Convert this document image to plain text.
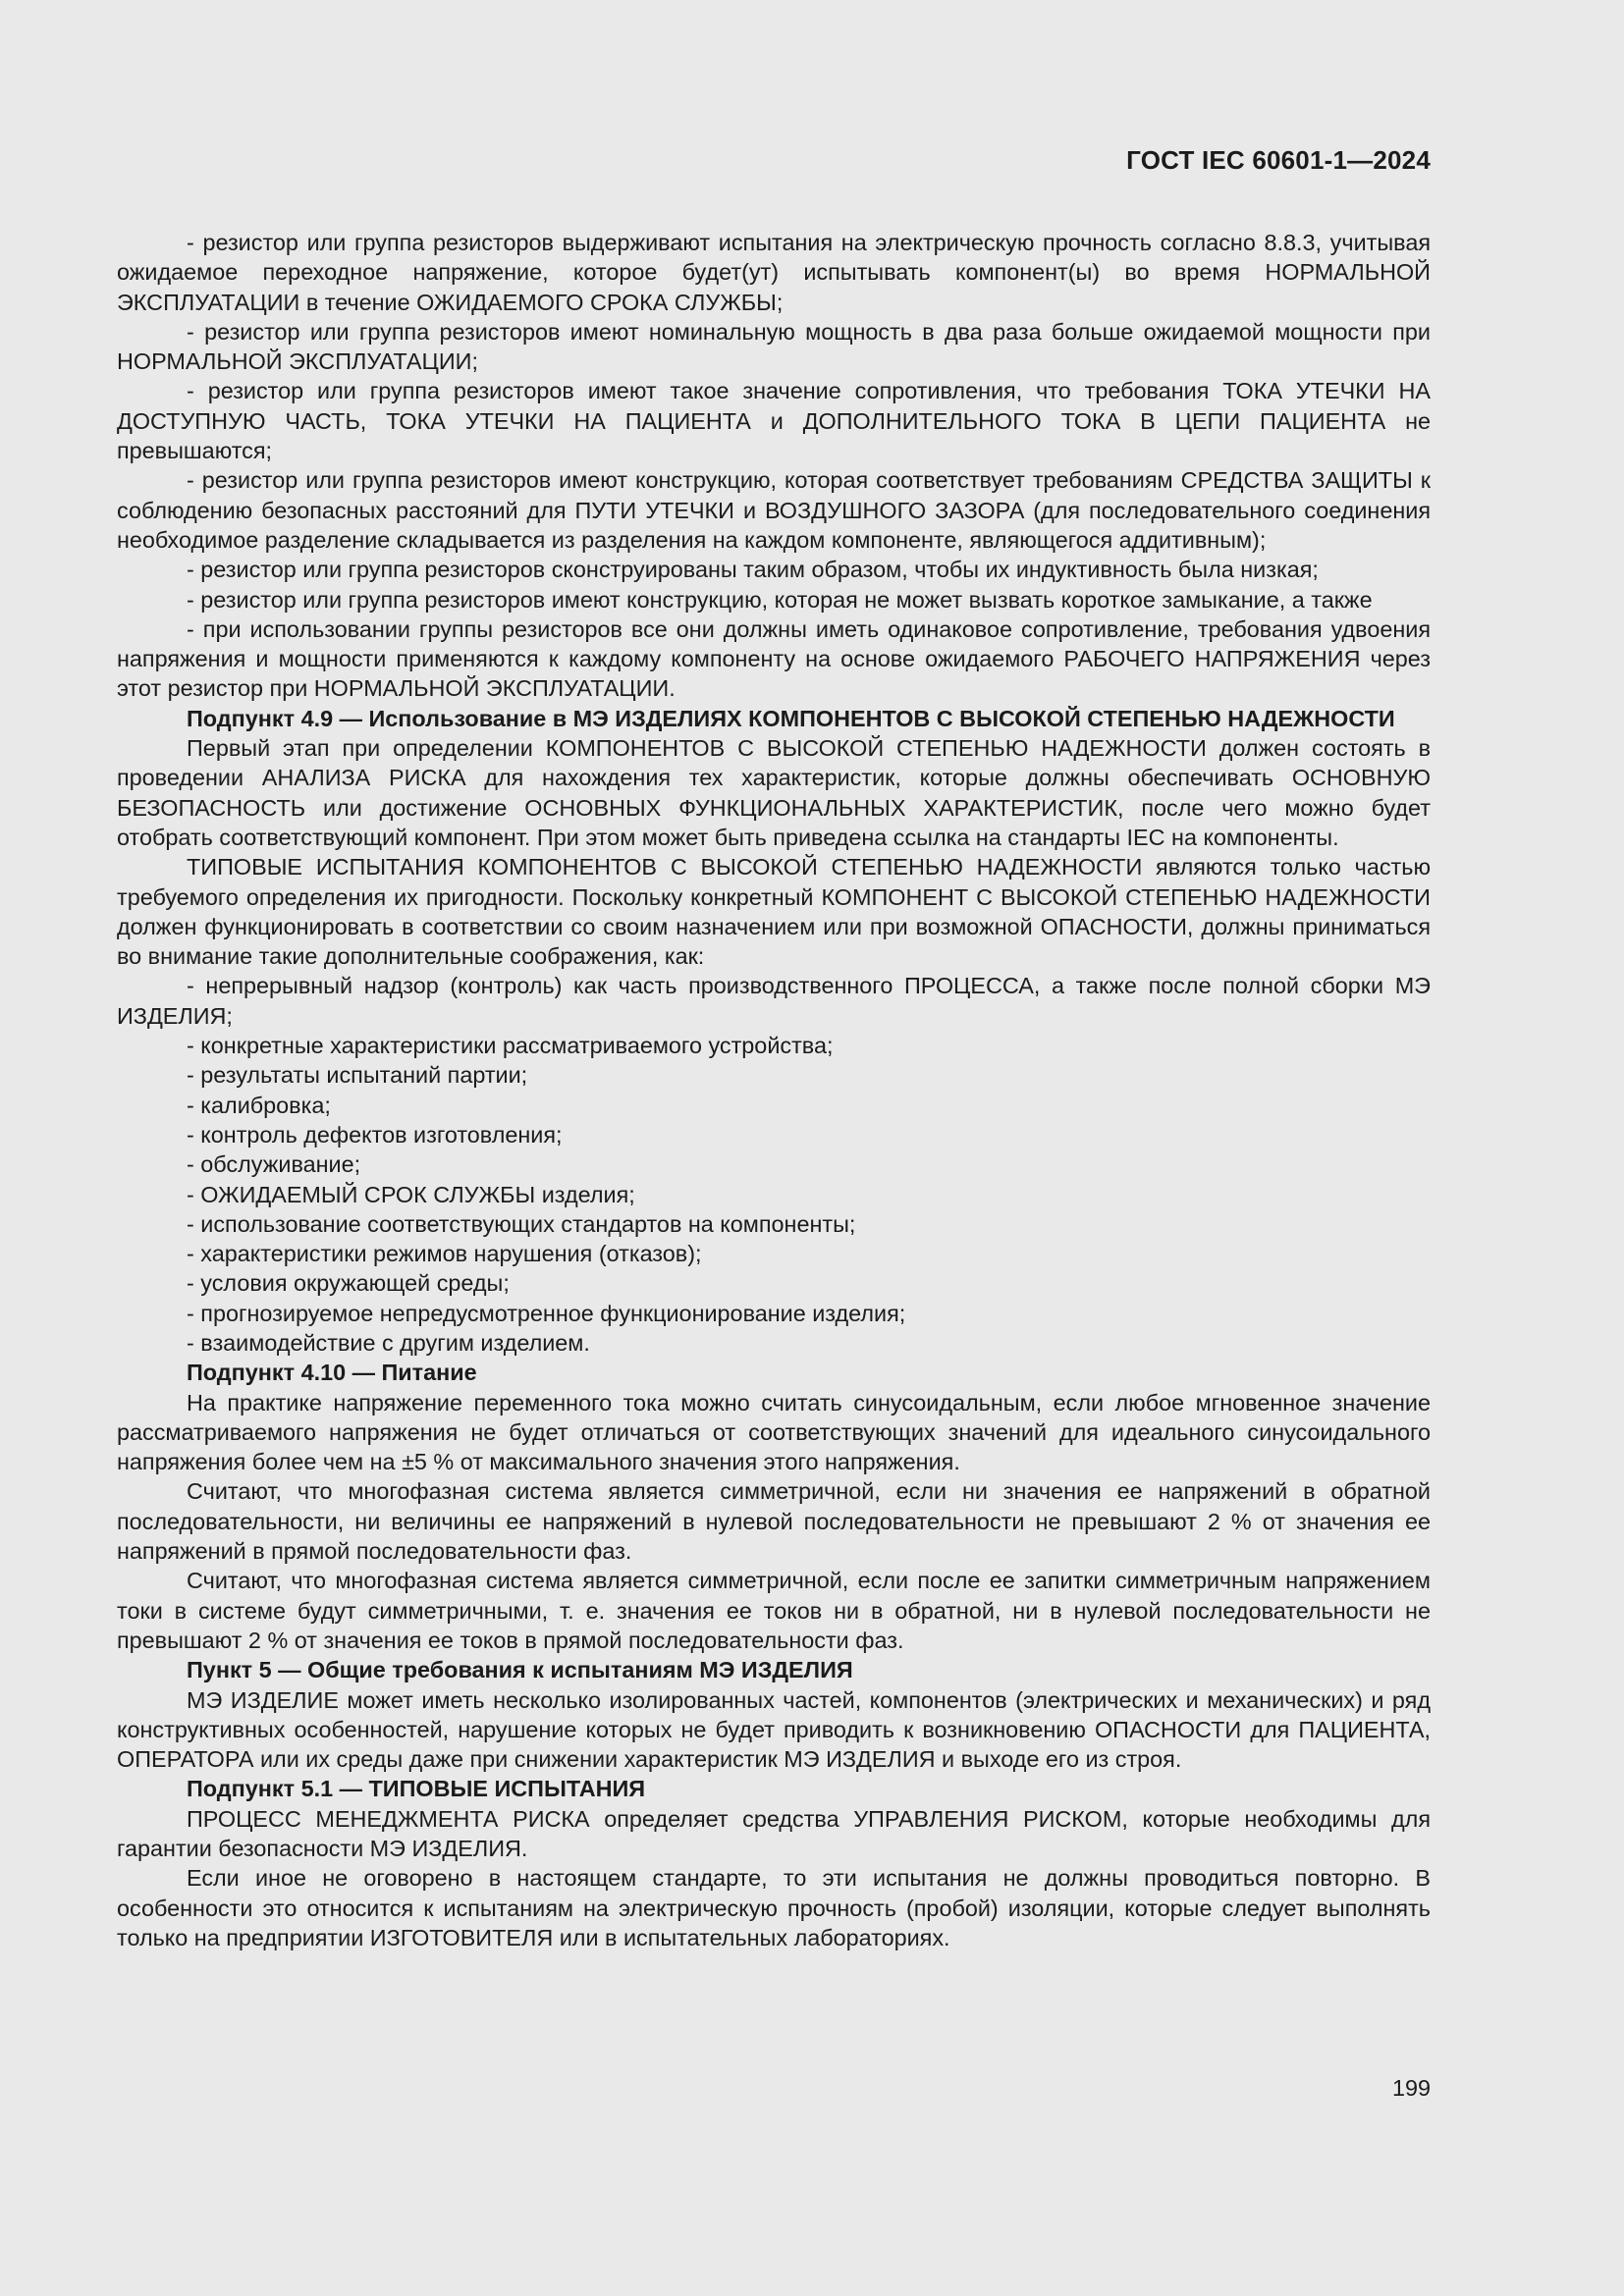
ГОСТ IEC 60601-1—2024

- резистор или группа резисторов выдерживают испытания на электрическую прочность согласно 8.8.3, учитывая ожидаемое переходное напряжение, которое будет(ут) испытывать компонент(ы) во время НОРМАЛЬНОЙ ЭКСПЛУАТАЦИИ в течение ОЖИДАЕМОГО СРОКА СЛУЖБЫ;

- резистор или группа резисторов имеют номинальную мощность в два раза больше ожидаемой мощности при НОРМАЛЬНОЙ ЭКСПЛУАТАЦИИ;

- резистор или группа резисторов имеют такое значение сопротивления, что требования ТОКА УТЕЧКИ НА ДОСТУПНУЮ ЧАСТЬ, ТОКА УТЕЧКИ НА ПАЦИЕНТА и ДОПОЛНИТЕЛЬНОГО ТОКА В ЦЕПИ ПАЦИЕНТА не превышаются;

- резистор или группа резисторов имеют конструкцию, которая соответствует требованиям СРЕДСТВА ЗАЩИТЫ к соблюдению безопасных расстояний для ПУТИ УТЕЧКИ и ВОЗДУШНОГО ЗАЗОРА (для последовательного соединения необходимое разделение складывается из разделения на каждом компоненте, являющегося аддитивным);

- резистор или группа резисторов сконструированы таким образом, чтобы их индуктивность была низкая;

- резистор или группа резисторов имеют конструкцию, которая не может вызвать короткое замыкание, а также

- при использовании группы резисторов все они должны иметь одинаковое сопротивление, требования удвоения напряжения и мощности применяются к каждому компоненту на основе ожидаемого РАБОЧЕГО НАПРЯЖЕНИЯ через этот резистор при НОРМАЛЬНОЙ ЭКСПЛУАТАЦИИ.

Подпункт 4.9 — Использование в МЭ ИЗДЕЛИЯХ КОМПОНЕНТОВ С ВЫСОКОЙ СТЕПЕНЬЮ НАДЕЖНОСТИ

Первый этап при определении КОМПОНЕНТОВ С ВЫСОКОЙ СТЕПЕНЬЮ НАДЕЖНОСТИ должен состоять в проведении АНАЛИЗА РИСКА для нахождения тех характеристик, которые должны обеспечивать ОСНОВНУЮ БЕЗОПАСНОСТЬ или достижение ОСНОВНЫХ ФУНКЦИОНАЛЬНЫХ ХАРАКТЕРИСТИК, после чего можно будет отобрать соответствующий компонент. При этом может быть приведена ссылка на стандарты IEC на компоненты.

ТИПОВЫЕ ИСПЫТАНИЯ КОМПОНЕНТОВ С ВЫСОКОЙ СТЕПЕНЬЮ НАДЕЖНОСТИ являются только частью требуемого определения их пригодности. Поскольку конкретный КОМПОНЕНТ С ВЫСОКОЙ СТЕПЕНЬЮ НАДЕЖНОСТИ должен функционировать в соответствии со своим назначением или при возможной ОПАСНОСТИ, должны приниматься во внимание такие дополнительные соображения, как:

- непрерывный надзор (контроль) как часть производственного ПРОЦЕССА, а также после полной сборки МЭ ИЗДЕЛИЯ;

- конкретные характеристики рассматриваемого устройства;

- результаты испытаний партии;

- калибровка;

- контроль дефектов изготовления;

- обслуживание;

- ОЖИДАЕМЫЙ СРОК СЛУЖБЫ изделия;

- использование соответствующих стандартов на компоненты;

- характеристики режимов нарушения (отказов);

- условия окружающей среды;

- прогнозируемое непредусмотренное функционирование изделия;

- взаимодействие с другим изделием.

Подпункт 4.10 — Питание

На практике напряжение переменного тока можно считать синусоидальным, если любое мгновенное значение рассматриваемого напряжения не будет отличаться от соответствующих значений для идеального синусоидального напряжения более чем на ±5 % от максимального значения этого напряжения.

Считают, что многофазная система является симметричной, если ни значения ее напряжений в обратной последовательности, ни величины ее напряжений в нулевой последовательности не превышают 2 % от значения ее напряжений в прямой последовательности фаз.

Считают, что многофазная система является симметричной, если после ее запитки симметричным напряжением токи в системе будут симметричными, т. е. значения ее токов ни в обратной, ни в нулевой последовательности не превышают 2 % от значения ее токов в прямой последовательности фаз.

Пункт 5 — Общие требования к испытаниям МЭ ИЗДЕЛИЯ

МЭ ИЗДЕЛИЕ может иметь несколько изолированных частей, компонентов (электрических и механических) и ряд конструктивных особенностей, нарушение которых не будет приводить к возникновению ОПАСНОСТИ для ПАЦИЕНТА, ОПЕРАТОРА или их среды даже при снижении характеристик МЭ ИЗДЕЛИЯ и выходе его из строя.

Подпункт 5.1 — ТИПОВЫЕ ИСПЫТАНИЯ

ПРОЦЕСС МЕНЕДЖМЕНТА РИСКА определяет средства УПРАВЛЕНИЯ РИСКОМ, которые необходимы для гарантии безопасности МЭ ИЗДЕЛИЯ.

Если иное не оговорено в настоящем стандарте, то эти испытания не должны проводиться повторно. В особенности это относится к испытаниям на электрическую прочность (пробой) изоляции, которые следует выполнять только на предприятии ИЗГОТОВИТЕЛЯ или в испытательных лабораториях.

199
